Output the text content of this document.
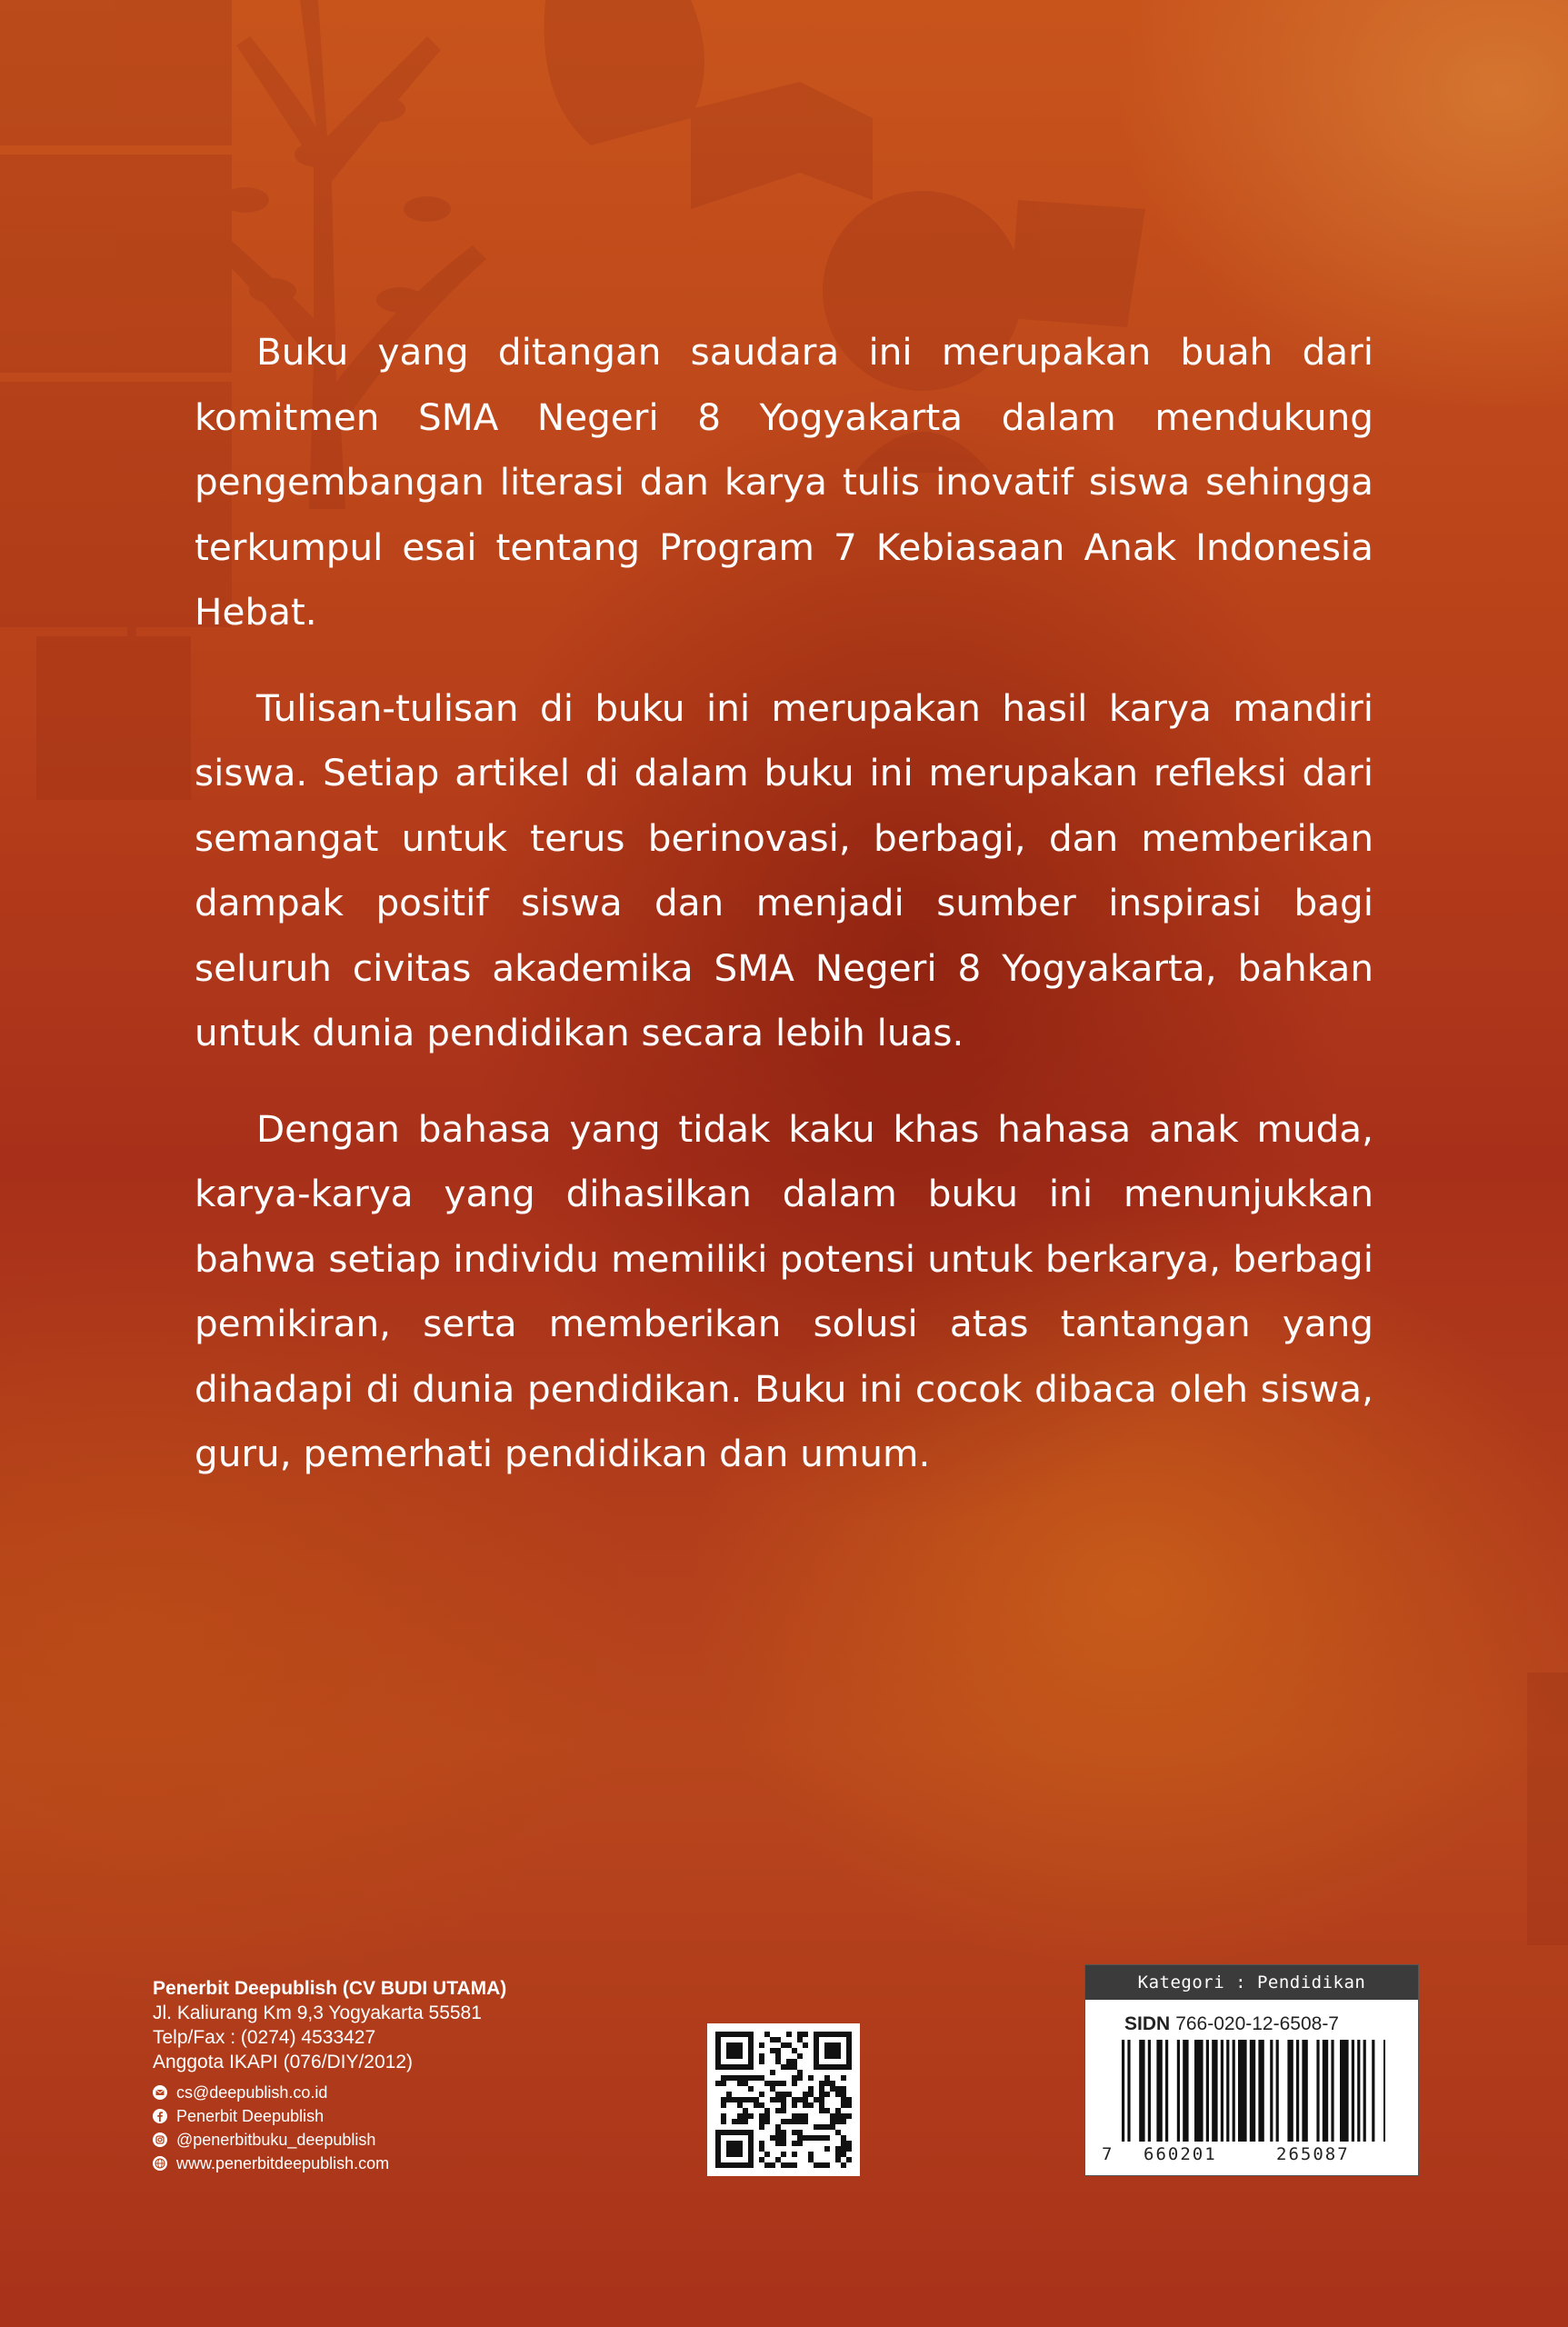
Buku yang ditangan saudara ini merupakan buah dari komitmen SMA Negeri 8 Yogyakarta dalam mendukung pengembangan literasi dan karya tulis inovatif siswa sehingga terkumpul esai tentang Program 7 Kebiasaan Anak Indonesia Hebat.

Tulisan-tulisan di buku ini merupakan hasil karya mandiri siswa. Setiap artikel di dalam buku ini merupakan refleksi dari semangat untuk terus berinovasi, berbagi, dan memberikan dampak positif siswa dan menjadi sumber inspirasi bagi seluruh civitas akademika SMA Negeri 8 Yogyakarta, bahkan untuk dunia pendidikan secara lebih luas.

Dengan bahasa yang tidak kaku khas hahasa anak muda, karya-karya yang dihasilkan dalam buku ini menunjukkan bahwa setiap individu memiliki potensi untuk berkarya, berbagi pemikiran, serta memberikan solusi atas tantangan yang dihadapi di dunia pendidikan. Buku ini cocok dibaca oleh siswa, guru, pemerhati pendidikan dan umum.

Penerbit Deepublish (CV BUDI UTAMA)
Jl. Kaliurang Km 9,3 Yogyakarta 55581
Telp/Fax : (0274) 4533427
Anggota IKAPI (076/DIY/2012)
cs@deepublish.co.id
Penerbit Deepublish
@penerbitbuku_deepublish
www.penerbitdeepublish.com
Kategori : Pendidikan
SIDN 766-020-12-6508-7
7 660201	265087
